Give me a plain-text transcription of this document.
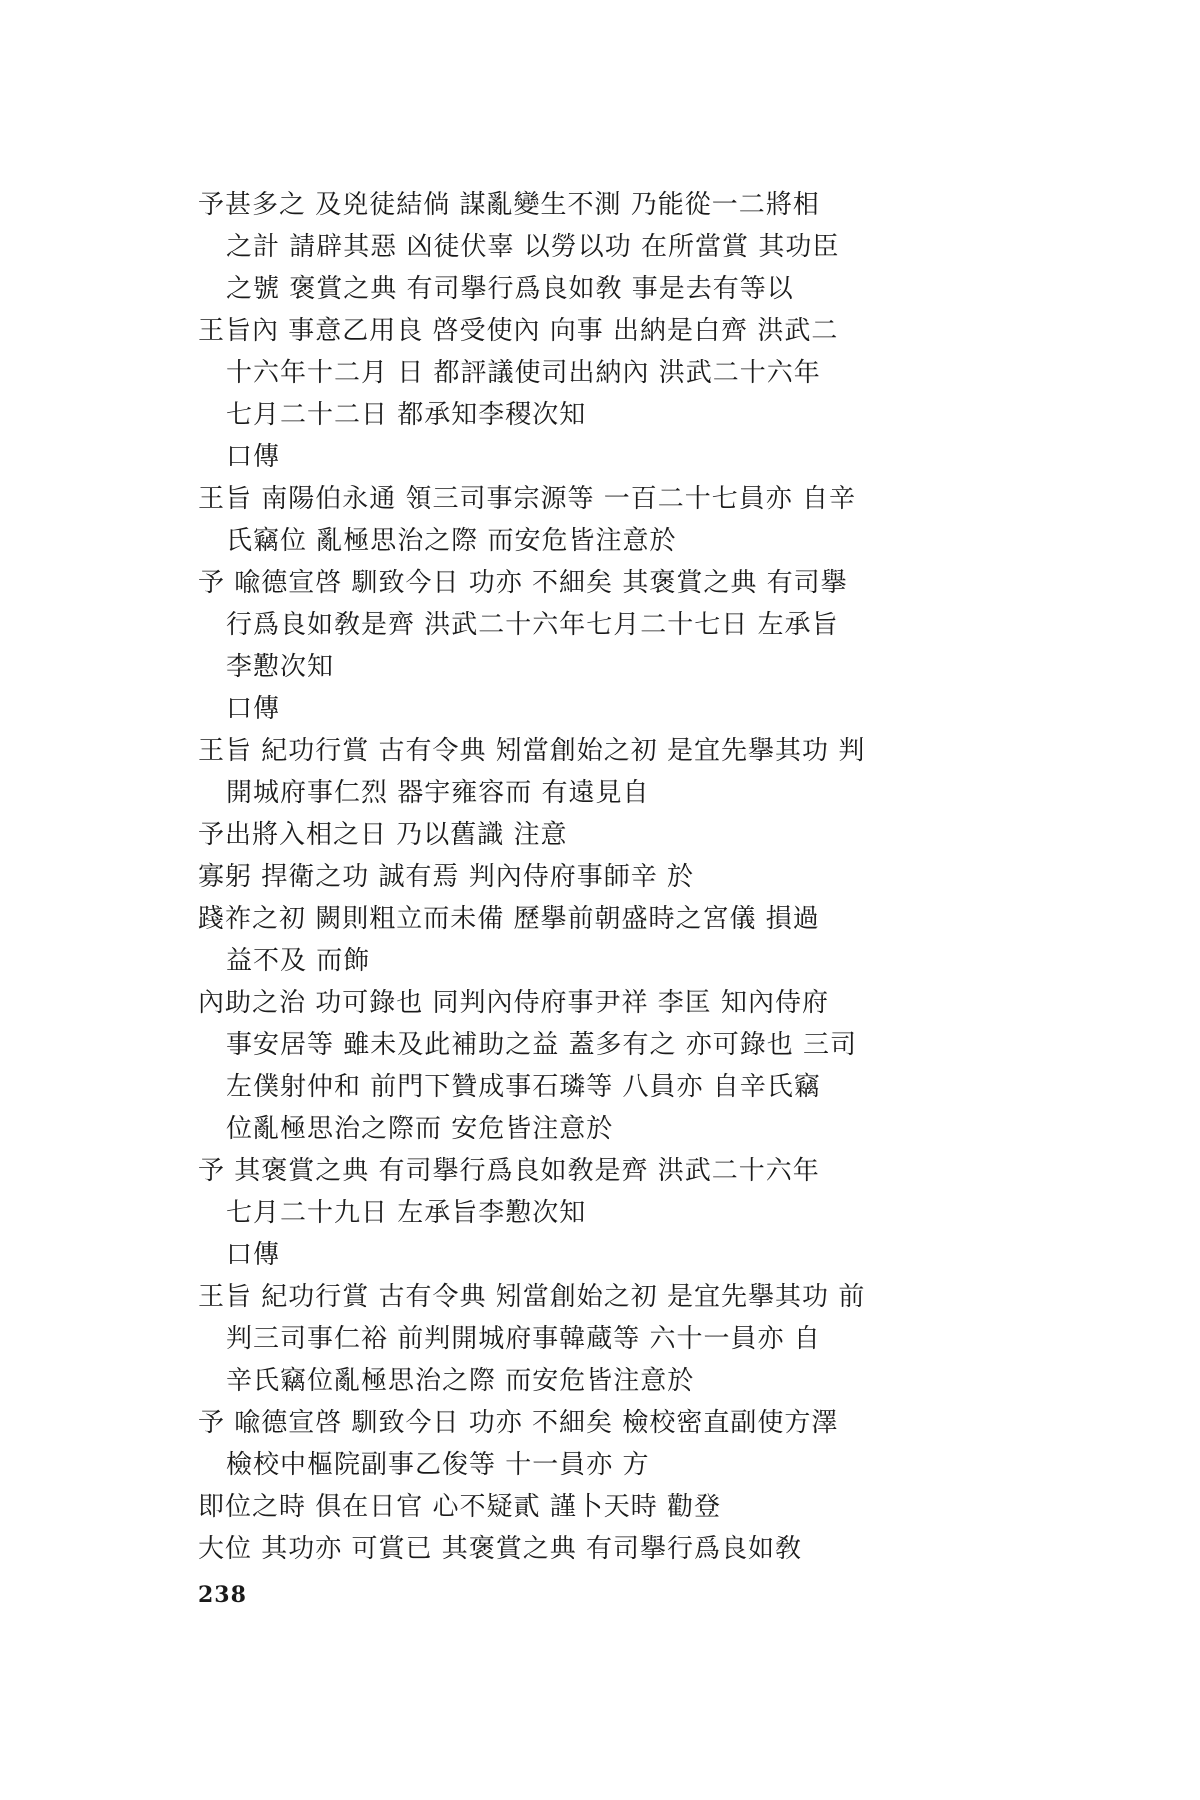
予甚多之 及兇徒結倘 謀亂變生不測 乃能從一二將相
之計 請辟其惡 凶徒伏辜 以勞以功 在所當賞 其功臣
之號 褒賞之典 有司擧行爲良如敎 事是去有等以
王旨內 事意乙用良 啓受使內 向事 出納是白齊 洪武二
十六年十二月 日 都評議使司出納內 洪武二十六年
七月二十二日 都承知李稷次知
口傳
王旨 南陽伯永通 領三司事宗源等 一百二十七員亦 自辛
氏竊位 亂極思治之際 而安危皆注意於
予 喩德宣啓 馴致今日 功亦 不細矣 其褒賞之典 有司擧
行爲良如敎是齊 洪武二十六年七月二十七日 左承旨
李懃次知
口傳
王旨 紀功行賞 古有令典 矧當創始之初 是宜先擧其功 判
開城府事仁烈 器宇雍容而 有遠見自
予出將入相之日 乃以舊識 注意
寡躬 捍衛之功 誠有焉 判內侍府事師辛 於
踐祚之初 闕則粗立而未備 歷擧前朝盛時之宮儀 損過
益不及 而飾
內助之治 功可錄也 同判內侍府事尹祥 李匡 知內侍府
事安居等 雖未及此補助之益 蓋多有之 亦可錄也 三司
左僕射仲和 前門下贊成事石璘等 八員亦 自辛氏竊
位亂極思治之際而 安危皆注意於
予 其褒賞之典 有司擧行爲良如敎是齊 洪武二十六年
七月二十九日 左承旨李懃次知
口傳
王旨 紀功行賞 古有令典 矧當創始之初 是宜先擧其功 前
判三司事仁裕 前判開城府事韓蔵等 六十一員亦 自
辛氏竊位亂極思治之際 而安危皆注意於
予 喩德宣啓 馴致今日 功亦 不細矣 檢校密直副使方澤
檢校中樞院副事乙俊等 十一員亦 方
即位之時 俱在日官 心不疑貳 謹卜天時 勸登
大位 其功亦 可賞已 其褒賞之典 有司擧行爲良如敎
238
